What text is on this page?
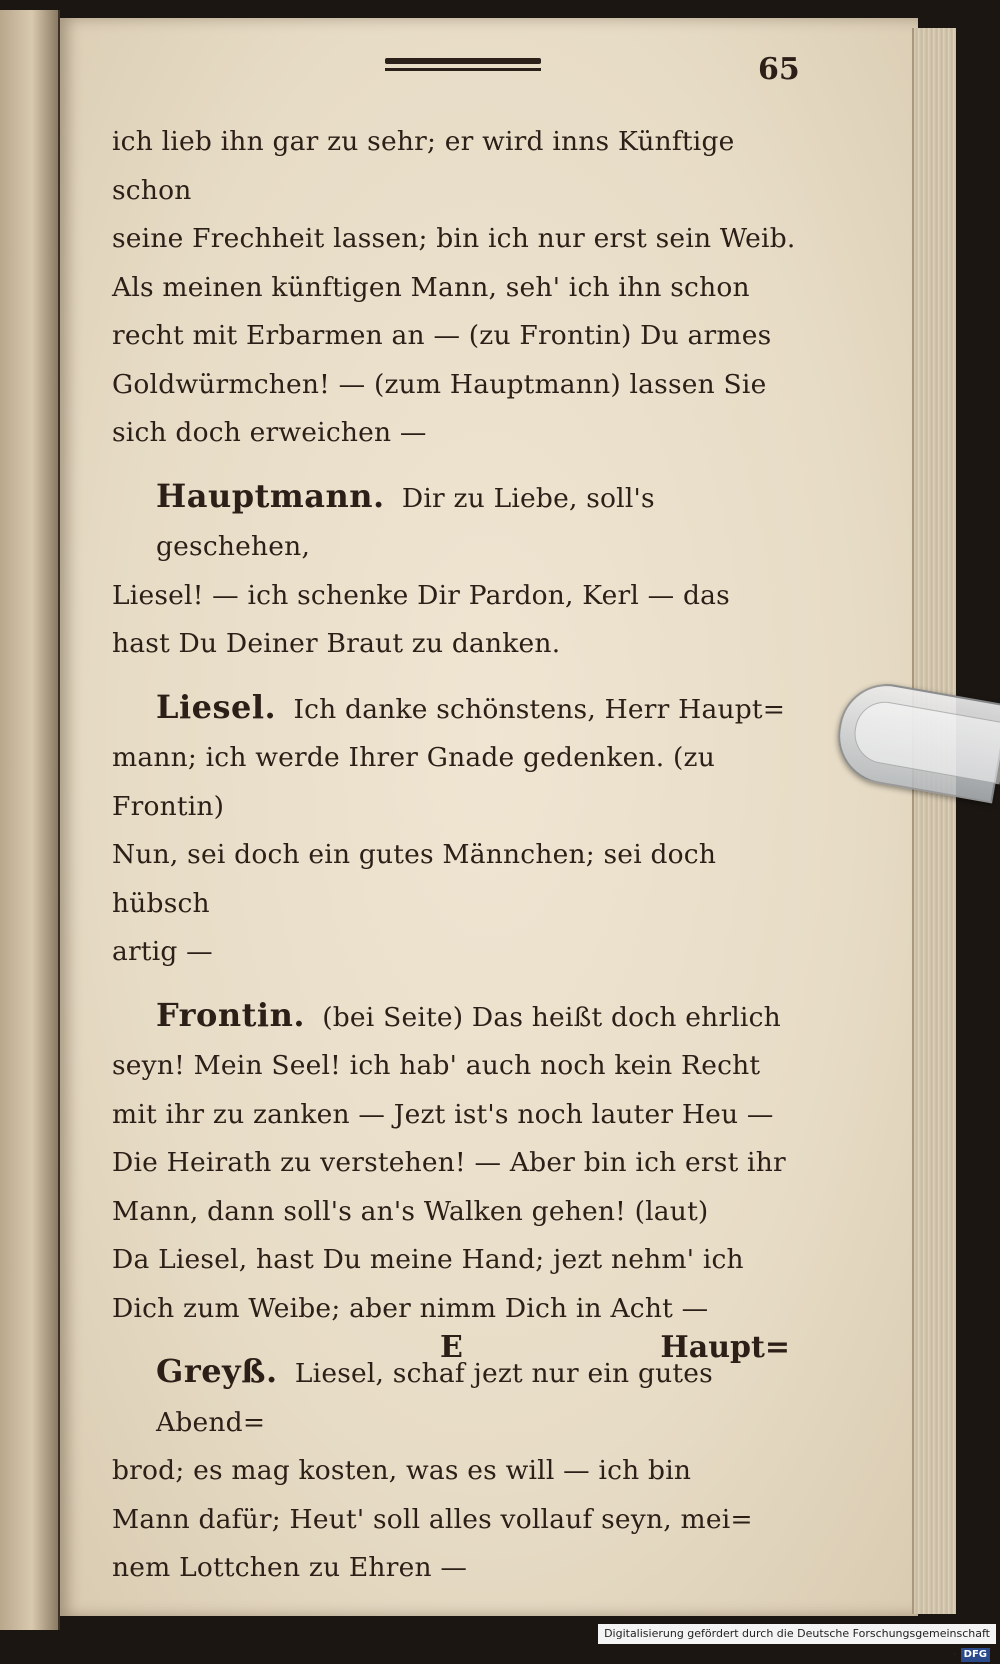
65

ich lieb ihn gar zu sehr; er wird inns Künftige schon
seine Frechheit lassen; bin ich nur erst sein Weib.
Als meinen künftigen Mann, seh' ich ihn schon
recht mit Erbarmen an — (zu Frontin) Du armes
Goldwürmchen! — (zum Hauptmann) lassen Sie
sich doch erweichen —

Hauptmann. Dir zu Liebe, soll's geschehen,
Liesel! — ich schenke Dir Pardon, Kerl — das
hast Du Deiner Braut zu danken.

Liesel. Ich danke schönstens, Herr Haupt=
mann; ich werde Ihrer Gnade gedenken. (zu Frontin)
Nun, sei doch ein gutes Männchen; sei doch hübsch
artig —

Frontin. (bei Seite) Das heißt doch ehrlich
seyn! Mein Seel! ich hab' auch noch kein Recht
mit ihr zu zanken — Jezt ist's noch lauter Heu —
Die Heirath zu verstehen! — Aber bin ich erst ihr
Mann, dann soll's an's Walken gehen! (laut)
Da Liesel, hast Du meine Hand; jezt nehm' ich
Dich zum Weibe; aber nimm Dich in Acht —

Greyß. Liesel, schaf jezt nur ein gutes Abend=
brod; es mag kosten, was es will — ich bin
Mann dafür; Heut' soll alles vollauf seyn, mei=
nem Lottchen zu Ehren —

E	Haupt=
Digitalisierung gefördert durch die Deutsche Forschungsgemeinschaft - DFG
